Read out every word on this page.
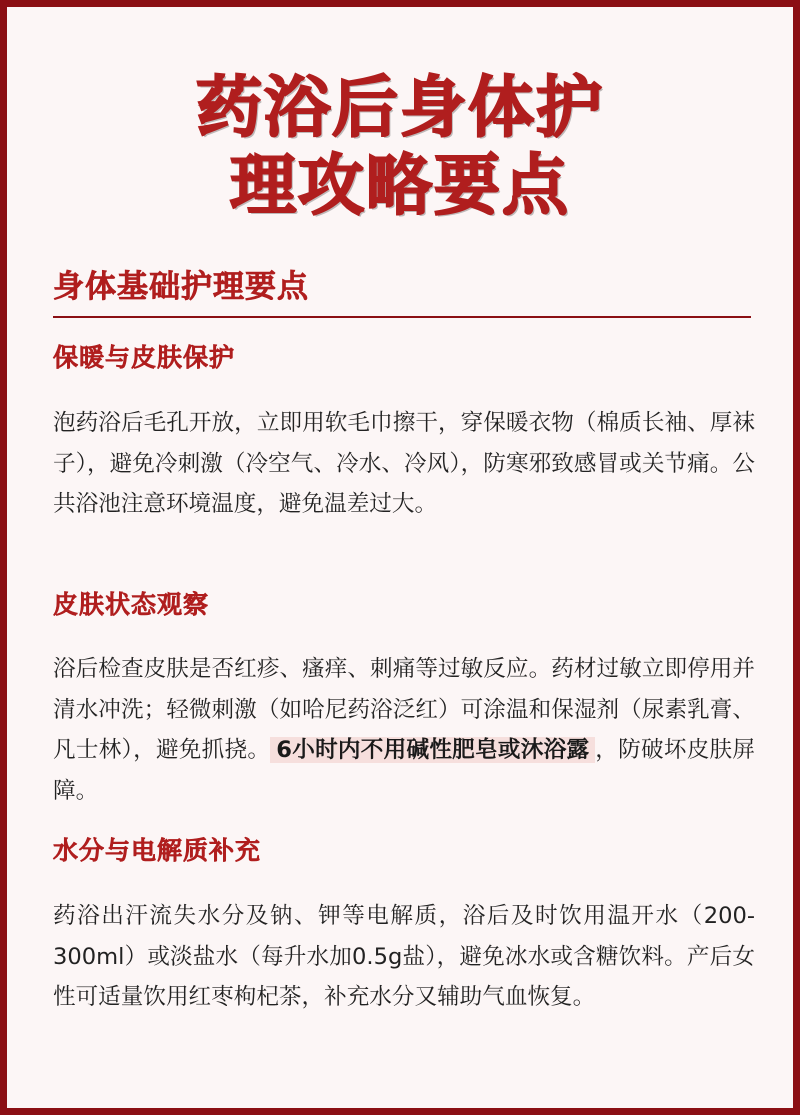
药浴后身体护
理攻略要点
身体基础护理要点
保暖与皮肤保护

泡药浴后毛孔开放，立即用软毛巾擦干，穿保暖衣物（棉质长袖、厚袜子），避免冷刺激（冷空气、冷水、冷风），防寒邪致感冒或关节痛。公共浴池注意环境温度，避免温差过大。

皮肤状态观察

浴后检查皮肤是否红疹、瘙痒、刺痛等过敏反应。药材过敏立即停用并清水冲洗；轻微刺激（如哈尼药浴泛红）可涂温和保湿剂（尿素乳膏、凡士林），避免抓挠。 6小时内不用碱性肥皂或沐浴露 ，防破坏皮肤屏障。

水分与电解质补充

药浴出汗流失水分及钠、钾等电解质，浴后及时饮用温开水（200-300ml）或淡盐水（每升水加0.5g盐），避免冰水或含糖饮料。产后女性可适量饮用红枣枸杞茶，补充水分又辅助气血恢复。
